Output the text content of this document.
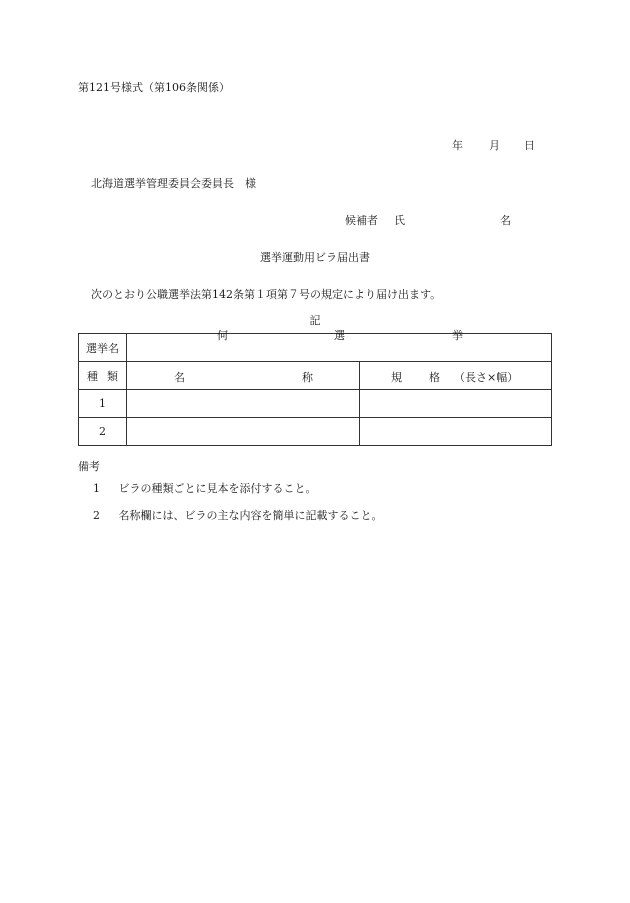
第121号様式（第106条関係）
年 月 日
北海道選挙管理委員会委員長　様
候補者 氏	名
選挙運動用ビラ届出書
次のとおり公職選挙法第142条第１項第７号の規定により届け出ます。
記
選挙名	何 選 挙	

種 類	名 称	規 格 （長さ×幅）

1		
2		
備考
1 ビラの種類ごとに見本を添付すること。
2 名称欄には、ビラの主な内容を簡単に記載すること。
